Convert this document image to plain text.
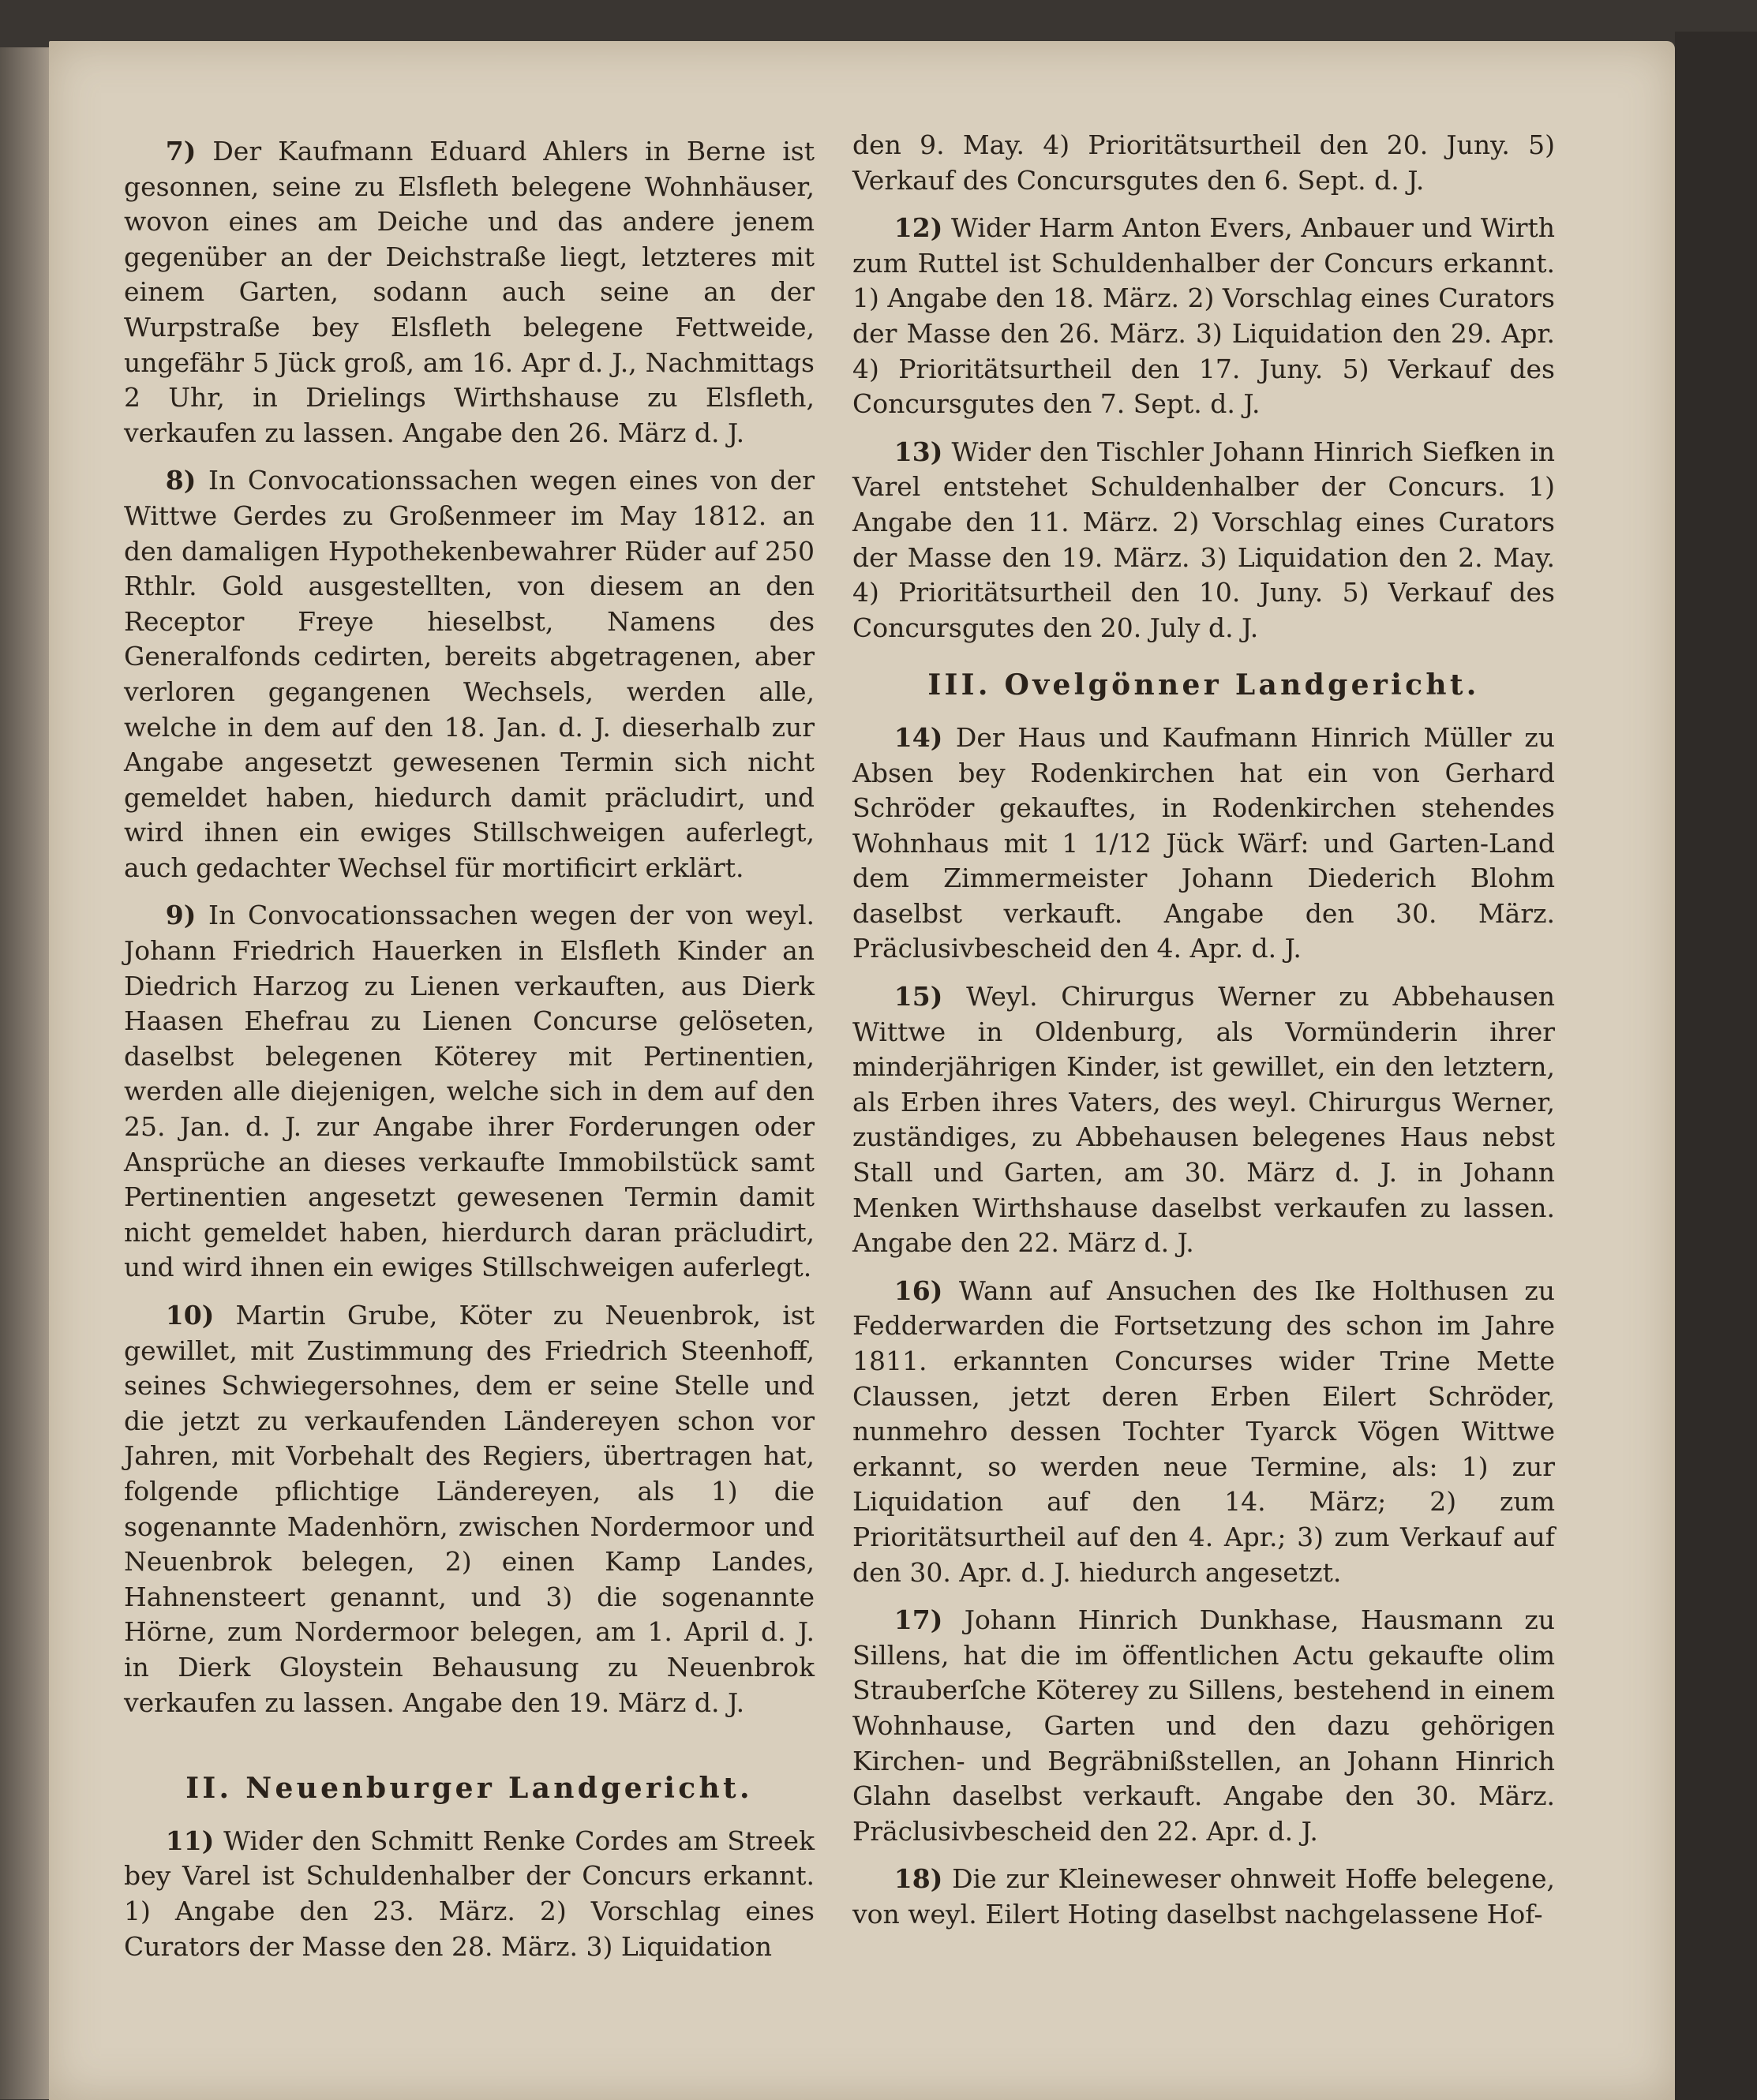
7) Der Kaufmann Eduard Ahlers in Berne ist gesonnen, seine zu Elsfleth belegene Wohnhäuser, wovon eines am Deiche und das andere jenem gegenüber an der Deichstraße liegt, letzteres mit einem Garten, sodann auch seine an der Wurpstraße bey Elsfleth belegene Fettweide, ungefähr 5 Jück groß, am 16. Apr d. J., Nachmittags 2 Uhr, in Drielings Wirthshause zu Elsfleth, verkaufen zu lassen. Angabe den 26. März d. J.

8) In Convocationssachen wegen eines von der Wittwe Gerdes zu Großenmeer im May 1812. an den damaligen Hypothekenbewahrer Rüder auf 250 Rthlr. Gold ausgestellten, von diesem an den Receptor Freye hieselbst, Namens des Generalfonds cedirten, bereits abgetragenen, aber verloren gegangenen Wechsels, werden alle, welche in dem auf den 18. Jan. d. J. dieserhalb zur Angabe angesetzt gewesenen Termin sich nicht gemeldet haben, hiedurch damit präcludirt, und wird ihnen ein ewiges Stillschweigen auferlegt, auch gedachter Wechsel für mortificirt erklärt.

9) In Convocationssachen wegen der von weyl. Johann Friedrich Hauerken in Elsfleth Kinder an Diedrich Harzog zu Lienen verkauften, aus Dierk Haasen Ehefrau zu Lienen Concurse gelöseten, daselbst belegenen Köterey mit Pertinentien, werden alle diejenigen, welche sich in dem auf den 25. Jan. d. J. zur Angabe ihrer Forderungen oder Ansprüche an dieses verkaufte Immobilstück samt Pertinentien angesetzt gewesenen Termin damit nicht gemeldet haben, hierdurch daran präcludirt, und wird ihnen ein ewiges Stillschweigen auferlegt.

10) Martin Grube, Köter zu Neuenbrok, ist gewillet, mit Zustimmung des Friedrich Steenhoff, seines Schwiegersohnes, dem er seine Stelle und die jetzt zu verkaufenden Ländereyen schon vor Jahren, mit Vorbehalt des Regiers, übertragen hat, folgende pflichtige Ländereyen, als 1) die sogenannte Madenhörn, zwischen Nordermoor und Neuenbrok belegen, 2) einen Kamp Landes, Hahnensteert genannt, und 3) die sogenannte Hörne, zum Nordermoor belegen, am 1. April d. J. in Dierk Gloystein Behausung zu Neuenbrok verkaufen zu lassen. Angabe den 19. März d. J.

II. Neuenburger Landgericht.

11) Wider den Schmitt Renke Cordes am Streek bey Varel ist Schuldenhalber der Concurs erkannt. 1) Angabe den 23. März. 2) Vorschlag eines Curators der Masse den 28. März. 3) Liquidation

den 9. May. 4) Prioritätsurtheil den 20. Juny. 5) Verkauf des Concursgutes den 6. Sept. d. J.

12) Wider Harm Anton Evers, Anbauer und Wirth zum Ruttel ist Schuldenhalber der Concurs erkannt. 1) Angabe den 18. März. 2) Vorschlag eines Curators der Masse den 26. März. 3) Liquidation den 29. Apr. 4) Prioritätsurtheil den 17. Juny. 5) Verkauf des Concursgutes den 7. Sept. d. J.

13) Wider den Tischler Johann Hinrich Siefken in Varel entstehet Schuldenhalber der Concurs. 1) Angabe den 11. März. 2) Vorschlag eines Curators der Masse den 19. März. 3) Liquidation den 2. May. 4) Prioritätsurtheil den 10. Juny. 5) Verkauf des Concursgutes den 20. July d. J.

III. Ovelgönner Landgericht.

14) Der Haus und Kaufmann Hinrich Müller zu Absen bey Rodenkirchen hat ein von Gerhard Schröder gekauftes, in Rodenkirchen stehendes Wohnhaus mit 1 1/12 Jück Wärf: und Garten-Land dem Zimmermeister Johann Diederich Blohm daselbst verkauft. Angabe den 30. März. Präclusivbescheid den 4. Apr. d. J.

15) Weyl. Chirurgus Werner zu Abbehausen Wittwe in Oldenburg, als Vormünderin ihrer minderjährigen Kinder, ist gewillet, ein den letztern, als Erben ihres Vaters, des weyl. Chirurgus Werner, zuständiges, zu Abbehausen belegenes Haus nebst Stall und Garten, am 30. März d. J. in Johann Menken Wirthshause daselbst verkaufen zu lassen. Angabe den 22. März d. J.

16) Wann auf Ansuchen des Ike Holthusen zu Fedderwarden die Fortsetzung des schon im Jahre 1811. erkannten Concurses wider Trine Mette Claussen, jetzt deren Erben Eilert Schröder, nunmehro dessen Tochter Tyarck Vögen Wittwe erkannt, so werden neue Termine, als: 1) zur Liquidation auf den 14. März; 2) zum Prioritätsurtheil auf den 4. Apr.; 3) zum Verkauf auf den 30. Apr. d. J. hiedurch angesetzt.

17) Johann Hinrich Dunkhase, Hausmann zu Sillens, hat die im öffentlichen Actu gekaufte olim Strauberſche Köterey zu Sillens, bestehend in einem Wohnhause, Garten und den dazu gehörigen Kirchen- und Begräbnißstellen, an Johann Hinrich Glahn daselbst verkauft. Angabe den 30. März. Präclusivbescheid den 22. Apr. d. J.

18) Die zur Kleineweser ohnweit Hoffe belegene, von weyl. Eilert Hoting daselbst nachgelassene Hof-
